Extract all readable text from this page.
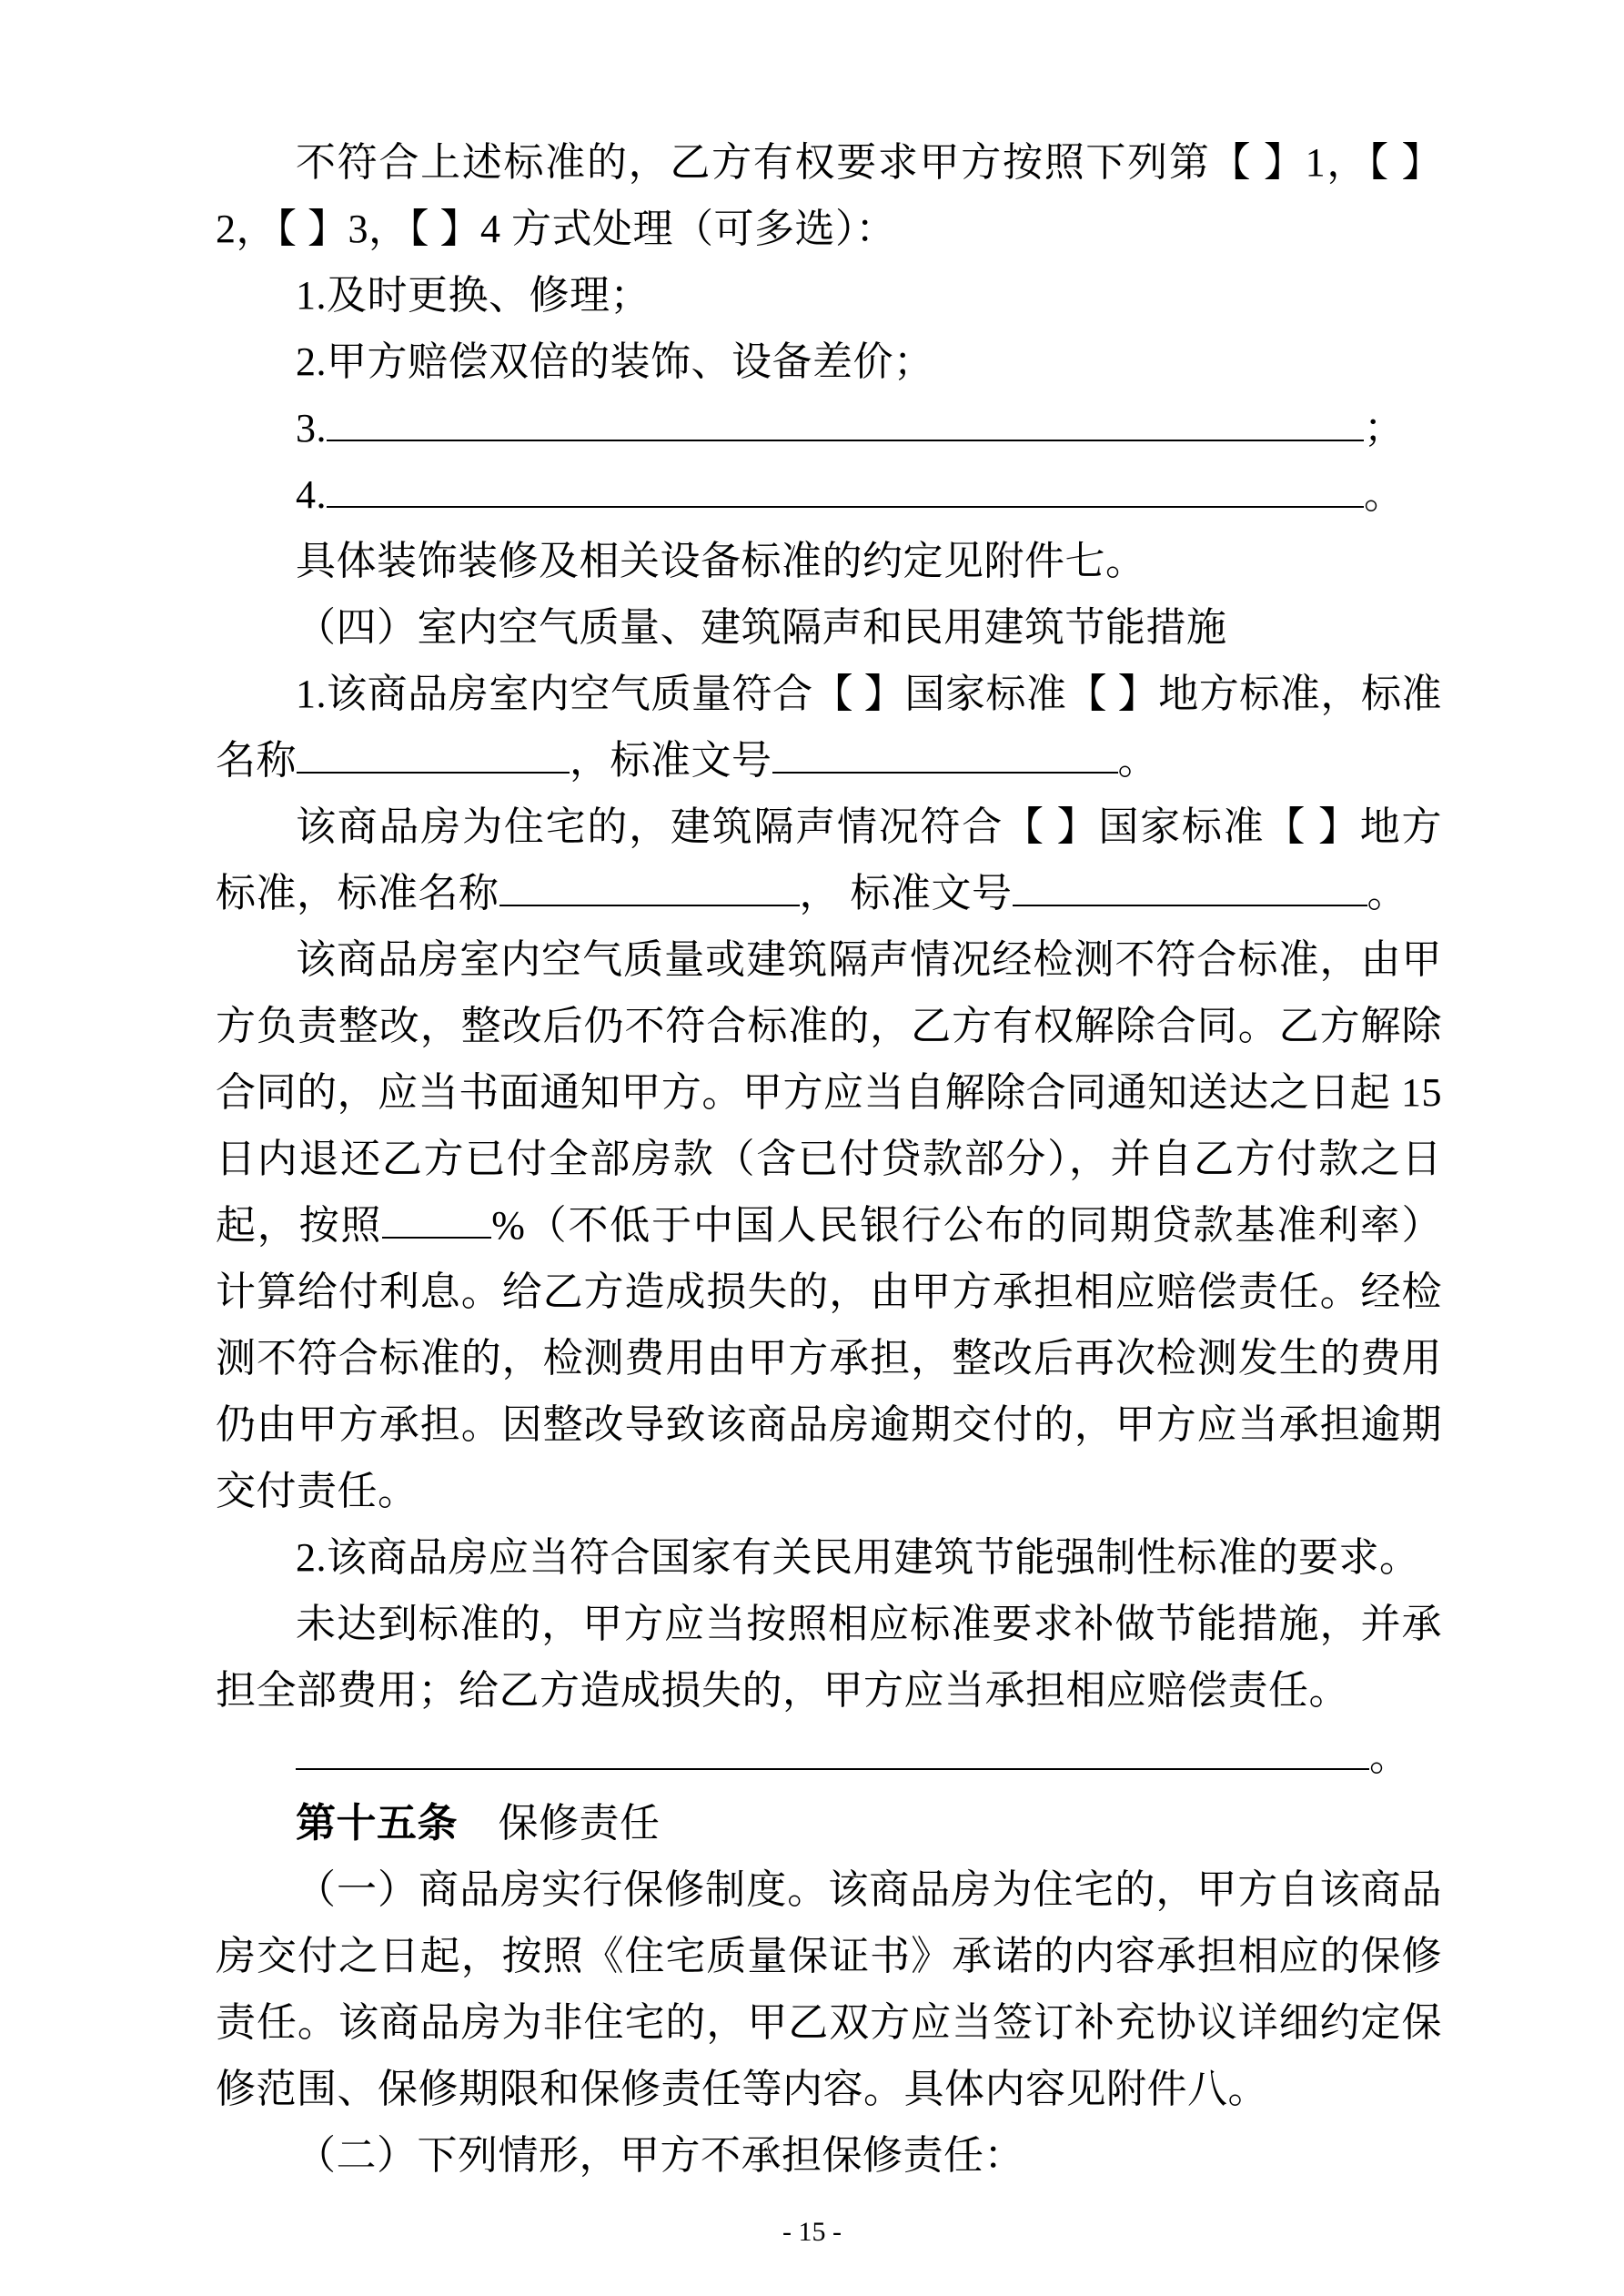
不符合上述标准的，乙方有权要求甲方按照下列第【 】1，【 】2，【 】3，【 】4 方式处理（可多选）：
1.及时更换、修理；
2.甲方赔偿双倍的装饰、设备差价；
3.	；
4.	。
具体装饰装修及相关设备标准的约定见附件七。
（四）室内空气质量、建筑隔声和民用建筑节能措施
1.该商品房室内空气质量符合【 】国家标准【 】地方标准，标准名称	，标准文号	。
该商品房为住宅的，建筑隔声情况符合【 】国家标准【 】地方标准，标准名称	， 标准文号	。
该商品房室内空气质量或建筑隔声情况经检测不符合标准，由甲方负责整改，整改后仍不符合标准的，乙方有权解除合同。乙方解除合同的，应当书面通知甲方。甲方应当自解除合同通知送达之日起 15 日内退还乙方已付全部房款（含已付贷款部分），并自乙方付款之日起，按照	%（不低于中国人民银行公布的同期贷款基准利率）计算给付利息。给乙方造成损失的，由甲方承担相应赔偿责任。经检测不符合标准的，检测费用由甲方承担，整改后再次检测发生的费用仍由甲方承担。因整改导致该商品房逾期交付的，甲方应当承担逾期交付责任。
2.该商品房应当符合国家有关民用建筑节能强制性标准的要求。
未达到标准的，甲方应当按照相应标准要求补做节能措施，并承担全部费用；给乙方造成损失的，甲方应当承担相应赔偿责任。
。
第十五条　保修责任
（一）商品房实行保修制度。该商品房为住宅的，甲方自该商品房交付之日起，按照《住宅质量保证书》承诺的内容承担相应的保修责任。该商品房为非住宅的，甲乙双方应当签订补充协议详细约定保修范围、保修期限和保修责任等内容。具体内容见附件八。
（二）下列情形，甲方不承担保修责任：
- 15 -
